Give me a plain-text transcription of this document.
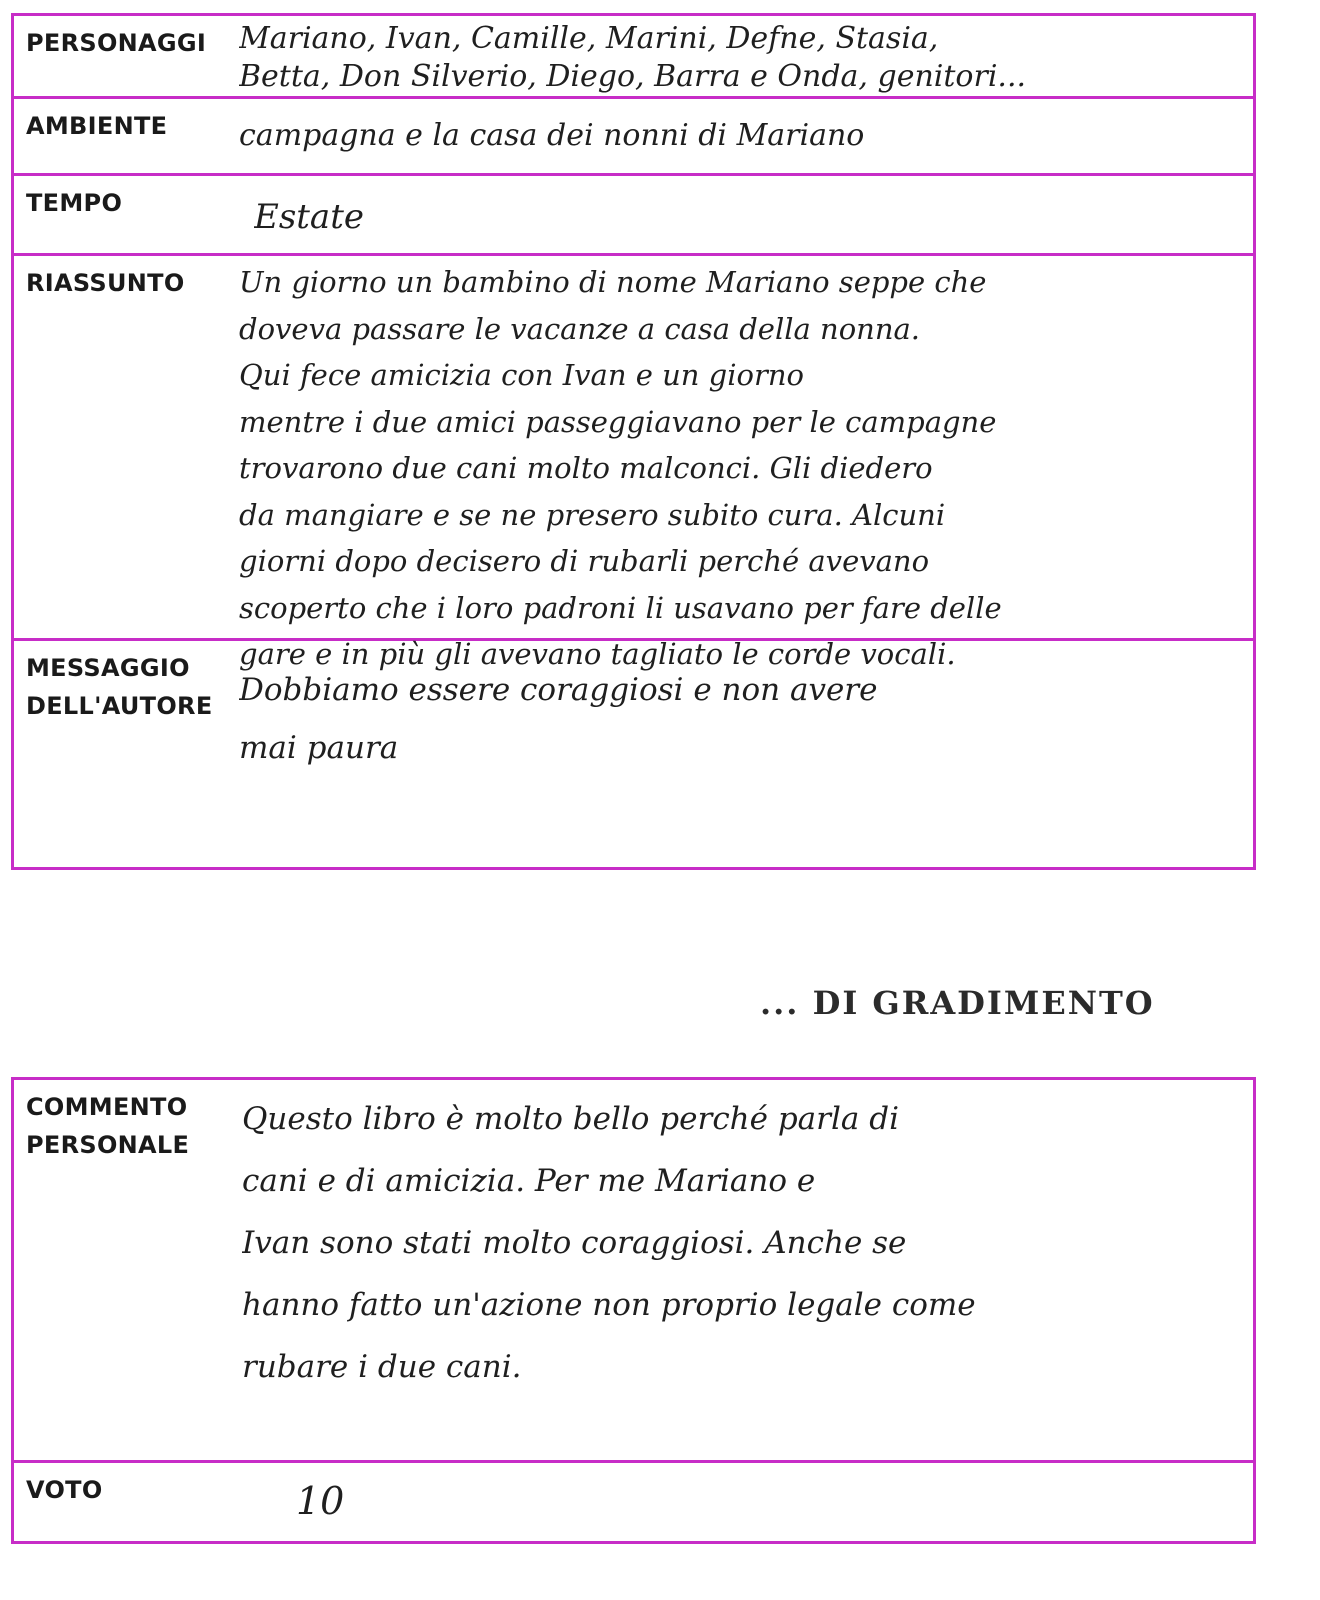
PERSONAGGI Mariano, Ivan, Camille, Marini, Defne, Stasia,
Betta, Don Silverio, Diego, Barra e Onda, genitori...
AMBIENTE campagna e la casa dei nonni di Mariano
TEMPO	Estate
RIASSUNTO Un giorno un bambino di nome Mariano seppe che
doveva passare le vacanze a casa della nonna.
Qui fece amicizia con Ivan e un giorno
mentre i due amici passeggiavano per le campagne
trovarono due cani molto malconci. Gli diedero
da mangiare e se ne presero subito cura. Alcuni
giorni dopo decisero di rubarli perché avevano
scoperto che i loro padroni li usavano per fare delle
gare e in più gli avevano tagliato le corde vocali.
MESSAGGIO
DELL'AUTORE Dobbiamo essere coraggiosi e non avere
mai paura
... DI GRADIMENTO
COMMENTO
PERSONALE
Questo libro è molto bello perché parla di
cani e di amicizia. Per me Mariano e
Ivan sono stati molto coraggiosi. Anche se
hanno fatto un'azione non proprio legale come
rubare i due cani.
VOTO	10
